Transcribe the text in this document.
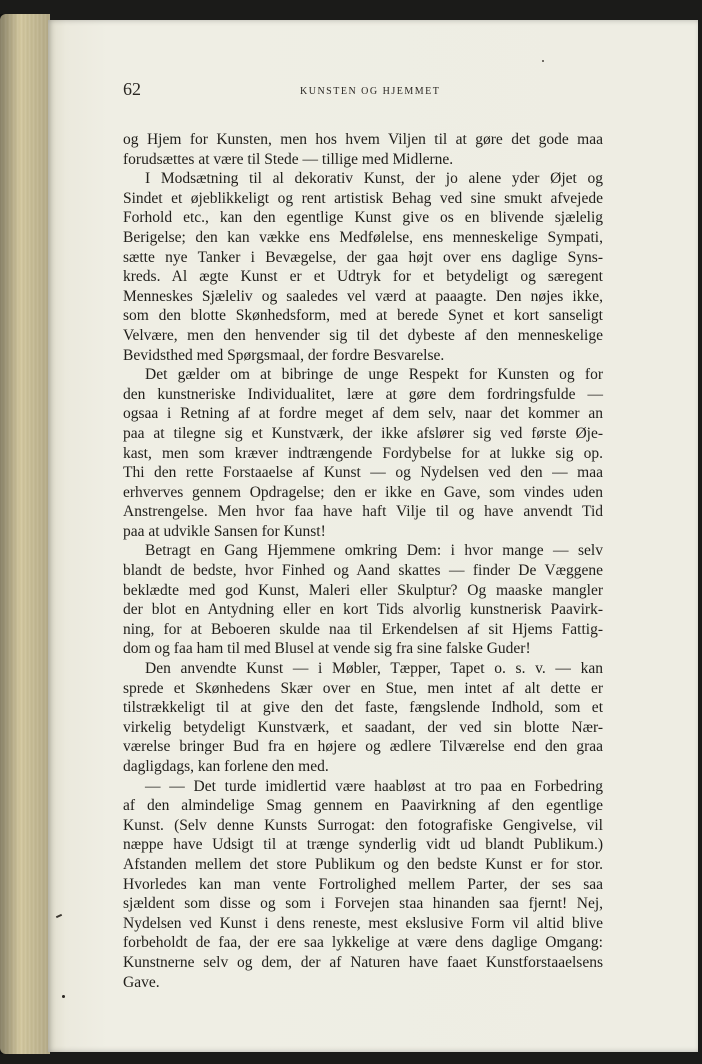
62	KUNSTEN OG HJEMMET
og Hjem for Kunsten, men hos hvem Viljen til at gøre det gode maa
forudsættes at være til Stede — tillige med Midlerne.
I Modsætning til al dekorativ Kunst, der jo alene yder Øjet og
Sindet et øjeblikkeligt og rent artistisk Behag ved sine smukt afvejede
Forhold etc., kan den egentlige Kunst give os en blivende sjælelig
Berigelse; den kan vække ens Medfølelse, ens menneskelige Sympati,
sætte nye Tanker i Bevægelse, der gaa højt over ens daglige Syns-
kreds. Al ægte Kunst er et Udtryk for et betydeligt og særegent
Menneskes Sjæleliv og saaledes vel værd at paaagte. Den nøjes ikke,
som den blotte Skønhedsform, med at berede Synet et kort sanseligt
Velvære, men den henvender sig til det dybeste af den menneskelige
Bevidsthed med Spørgsmaal, der fordre Besvarelse.
Det gælder om at bibringe de unge Respekt for Kunsten og for
den kunstneriske Individualitet, lære at gøre dem fordringsfulde —
ogsaa i Retning af at fordre meget af dem selv, naar det kommer an
paa at tilegne sig et Kunstværk, der ikke afslører sig ved første Øje-
kast, men som kræver indtrængende Fordybelse for at lukke sig op.
Thi den rette Forstaaelse af Kunst — og Nydelsen ved den — maa
erhverves gennem Opdragelse; den er ikke en Gave, som vindes uden
Anstrengelse. Men hvor faa have haft Vilje til og have anvendt Tid
paa at udvikle Sansen for Kunst!
Betragt en Gang Hjemmene omkring Dem: i hvor mange — selv
blandt de bedste, hvor Finhed og Aand skattes — finder De Væggene
beklædte med god Kunst, Maleri eller Skulptur? Og maaske mangler
der blot en Antydning eller en kort Tids alvorlig kunstnerisk Paavirk-
ning, for at Beboeren skulde naa til Erkendelsen af sit Hjems Fattig-
dom og faa ham til med Blusel at vende sig fra sine falske Guder!
Den anvendte Kunst — i Møbler, Tæpper, Tapet o. s. v. — kan
sprede et Skønhedens Skær over en Stue, men intet af alt dette er
tilstrækkeligt til at give den det faste, fængslende Indhold, som et
virkelig betydeligt Kunstværk, et saadant, der ved sin blotte Nær-
værelse bringer Bud fra en højere og ædlere Tilværelse end den graa
dagligdags, kan forlene den med.
— — Det turde imidlertid være haabløst at tro paa en Forbedring
af den almindelige Smag gennem en Paavirkning af den egentlige
Kunst. (Selv denne Kunsts Surrogat: den fotografiske Gengivelse, vil
næppe have Udsigt til at trænge synderlig vidt ud blandt Publikum.)
Afstanden mellem det store Publikum og den bedste Kunst er for stor.
Hvorledes kan man vente Fortrolighed mellem Parter, der ses saa
sjældent som disse og som i Forvejen staa hinanden saa fjernt! Nej,
Nydelsen ved Kunst i dens reneste, mest ekslusive Form vil altid blive
forbeholdt de faa, der ere saa lykkelige at være dens daglige Omgang:
Kunstnerne selv og dem, der af Naturen have faaet Kunstforstaaelsens
Gave.
